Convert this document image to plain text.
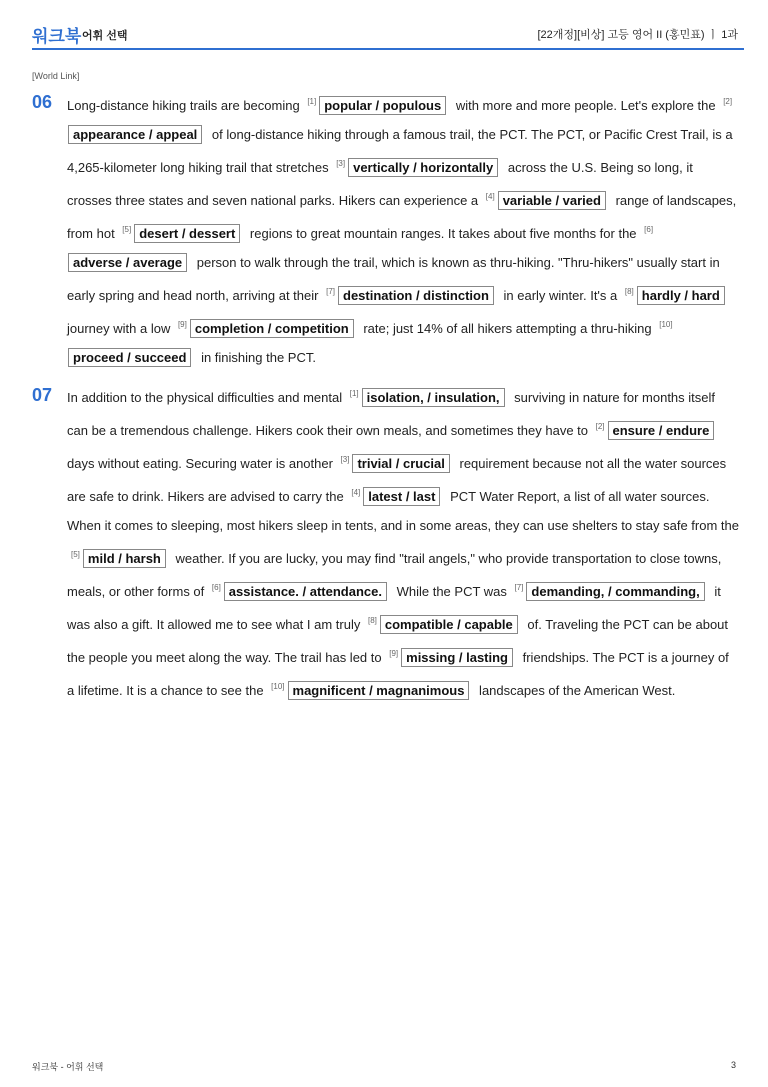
워크북 어휘 선택	[22개정][비상] 고등 영어 II (홍민표) ㅣ 1과
[World Link]
06 Long-distance hiking trails are becoming [1] popular / populous with more and more people. Let's explore the [2]appearance / appeal of long-distance hiking through a famous trail, the PCT. The PCT, or Pacific Crest Trail, is a 4,265-kilometer long hiking trail that stretches [3] vertically / horizontally across the U.S. Being so long, it crosses three states and seven national parks. Hikers can experience a [4] variable / varied range of landscapes, from hot [5] desert / dessert regions to great mountain ranges. It takes about five months for the [6]adverse / average person to walk through the trail, which is known as thru-hiking. "Thru-hikers" usually start in early spring and head north, arriving at their [7] destination / distinction in early winter. It's a [8] hardly / hard journey with a low [9] completion / competition rate; just 14% of all hikers attempting a thru-hiking [10]proceed / succeed in finishing the PCT.
07 In addition to the physical difficulties and mental [1] isolation, / insulation, surviving in nature for months itself can be a tremendous challenge. Hikers cook their own meals, and sometimes they have to [2] ensure / endure days without eating. Securing water is another [3] trivial / crucial requirement because not all the water sources are safe to drink. Hikers are advised to carry the [4] latest / last PCT Water Report, a list of all water sources. When it comes to sleeping, most hikers sleep in tents, and in some areas, they can use shelters to stay safe from the [5] mild / harsh weather. If you are lucky, you may find "trail angels," who provide transportation to close towns, meals, or other forms of [6] assistance. / attendance. While the PCT was [7] demanding, / commanding, it was also a gift. It allowed me to see what I am truly [8] compatible / capable of. Traveling the PCT can be about the people you meet along the way. The trail has led to [9] missing / lasting friendships. The PCT is a journey of a lifetime. It is a chance to see the [10] magnificent / magnanimous landscapes of the American West.
워크북 - 어휘 선택	3
